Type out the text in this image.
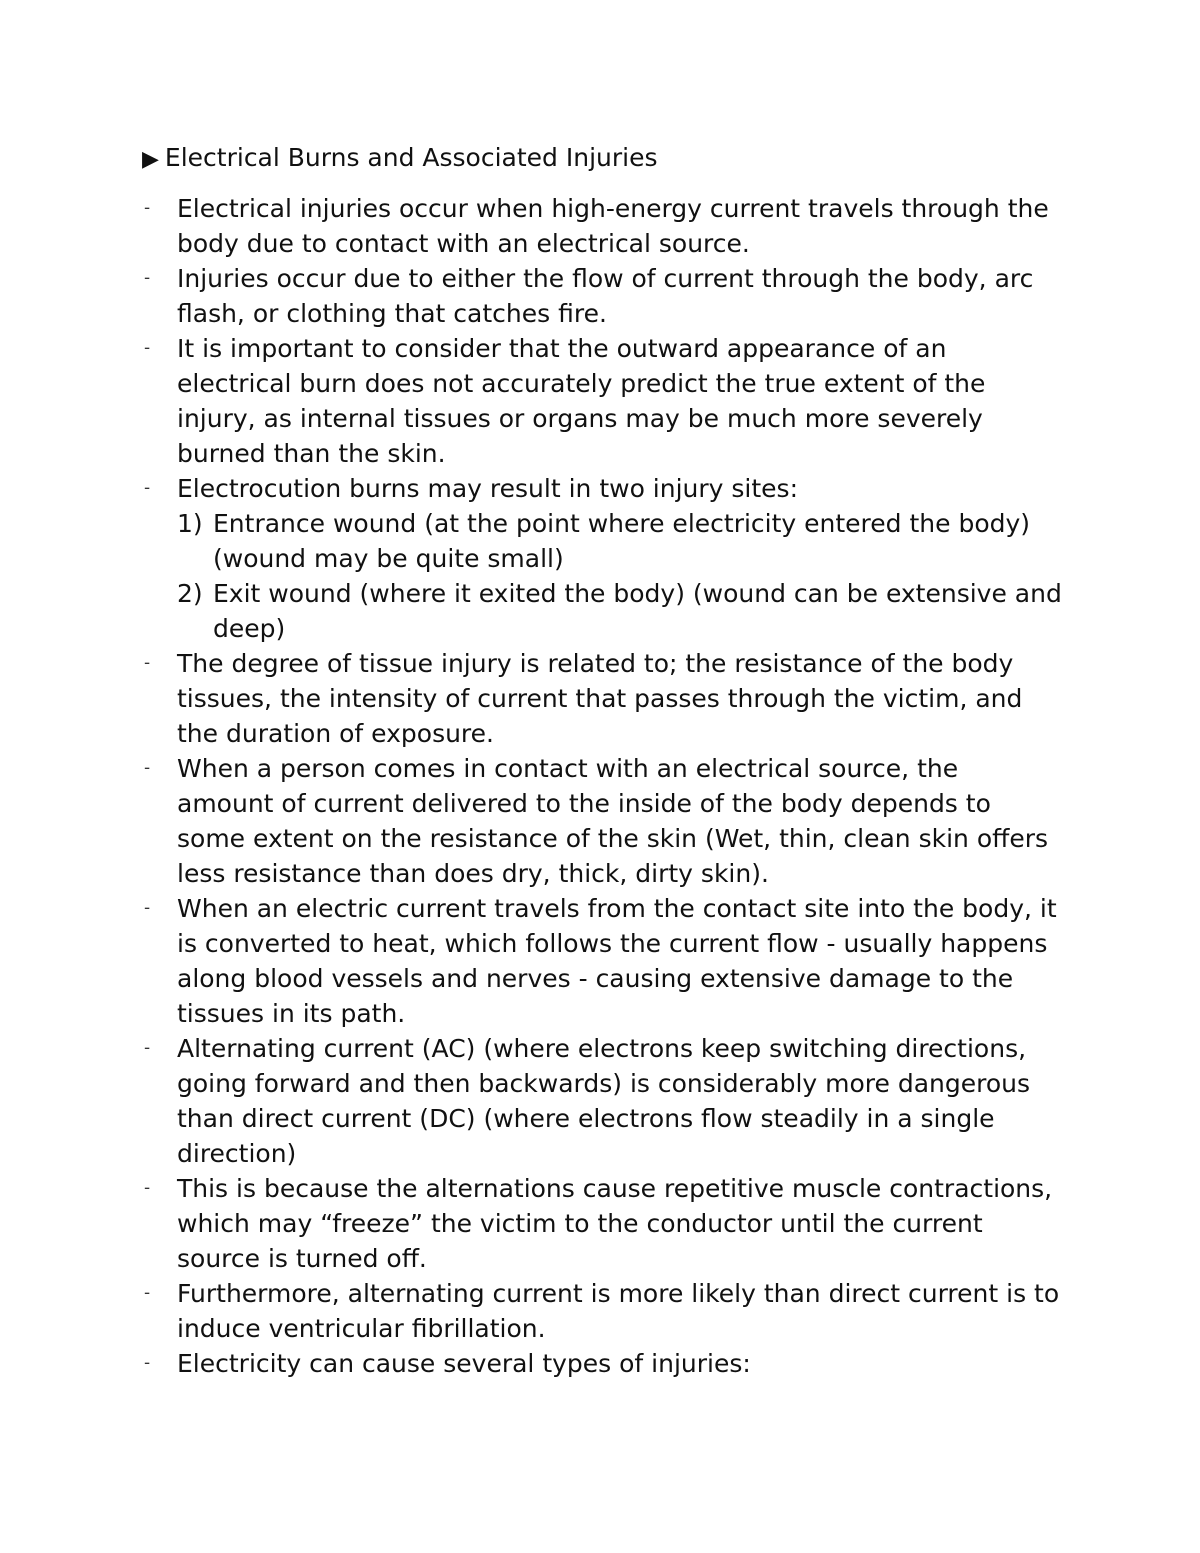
▶ Electrical Burns and Associated Injuries
- Electrical injuries occur when high-energy current travels through the body due to contact with an electrical source.
- Injuries occur due to either the flow of current through the body, arc flash, or clothing that catches fire.
- It is important to consider that the outward appearance of an electrical burn does not accurately predict the true extent of the injury, as internal tissues or organs may be much more severely burned than the skin.
- Electrocution burns may result in two injury sites:
1) Entrance wound (at the point where electricity entered the body) (wound may be quite small)
2) Exit wound (where it exited the body) (wound can be extensive and deep)
- The degree of tissue injury is related to; the resistance of the body tissues, the intensity of current that passes through the victim, and the duration of exposure.
- When a person comes in contact with an electrical source, the amount of current delivered to the inside of the body depends to some extent on the resistance of the skin (Wet, thin, clean skin offers less resistance than does dry, thick, dirty skin).
- When an electric current travels from the contact site into the body, it is converted to heat, which follows the current flow - usually happens along blood vessels and nerves - causing extensive damage to the tissues in its path.
- Alternating current (AC) (where electrons keep switching directions, going forward and then backwards) is considerably more dangerous than direct current (DC) (where electrons flow steadily in a single direction)
- This is because the alternations cause repetitive muscle contractions, which may “freeze” the victim to the conductor until the current source is turned off.
- Furthermore, alternating current is more likely than direct current is to induce ventricular fibrillation.
- Electricity can cause several types of injuries:
